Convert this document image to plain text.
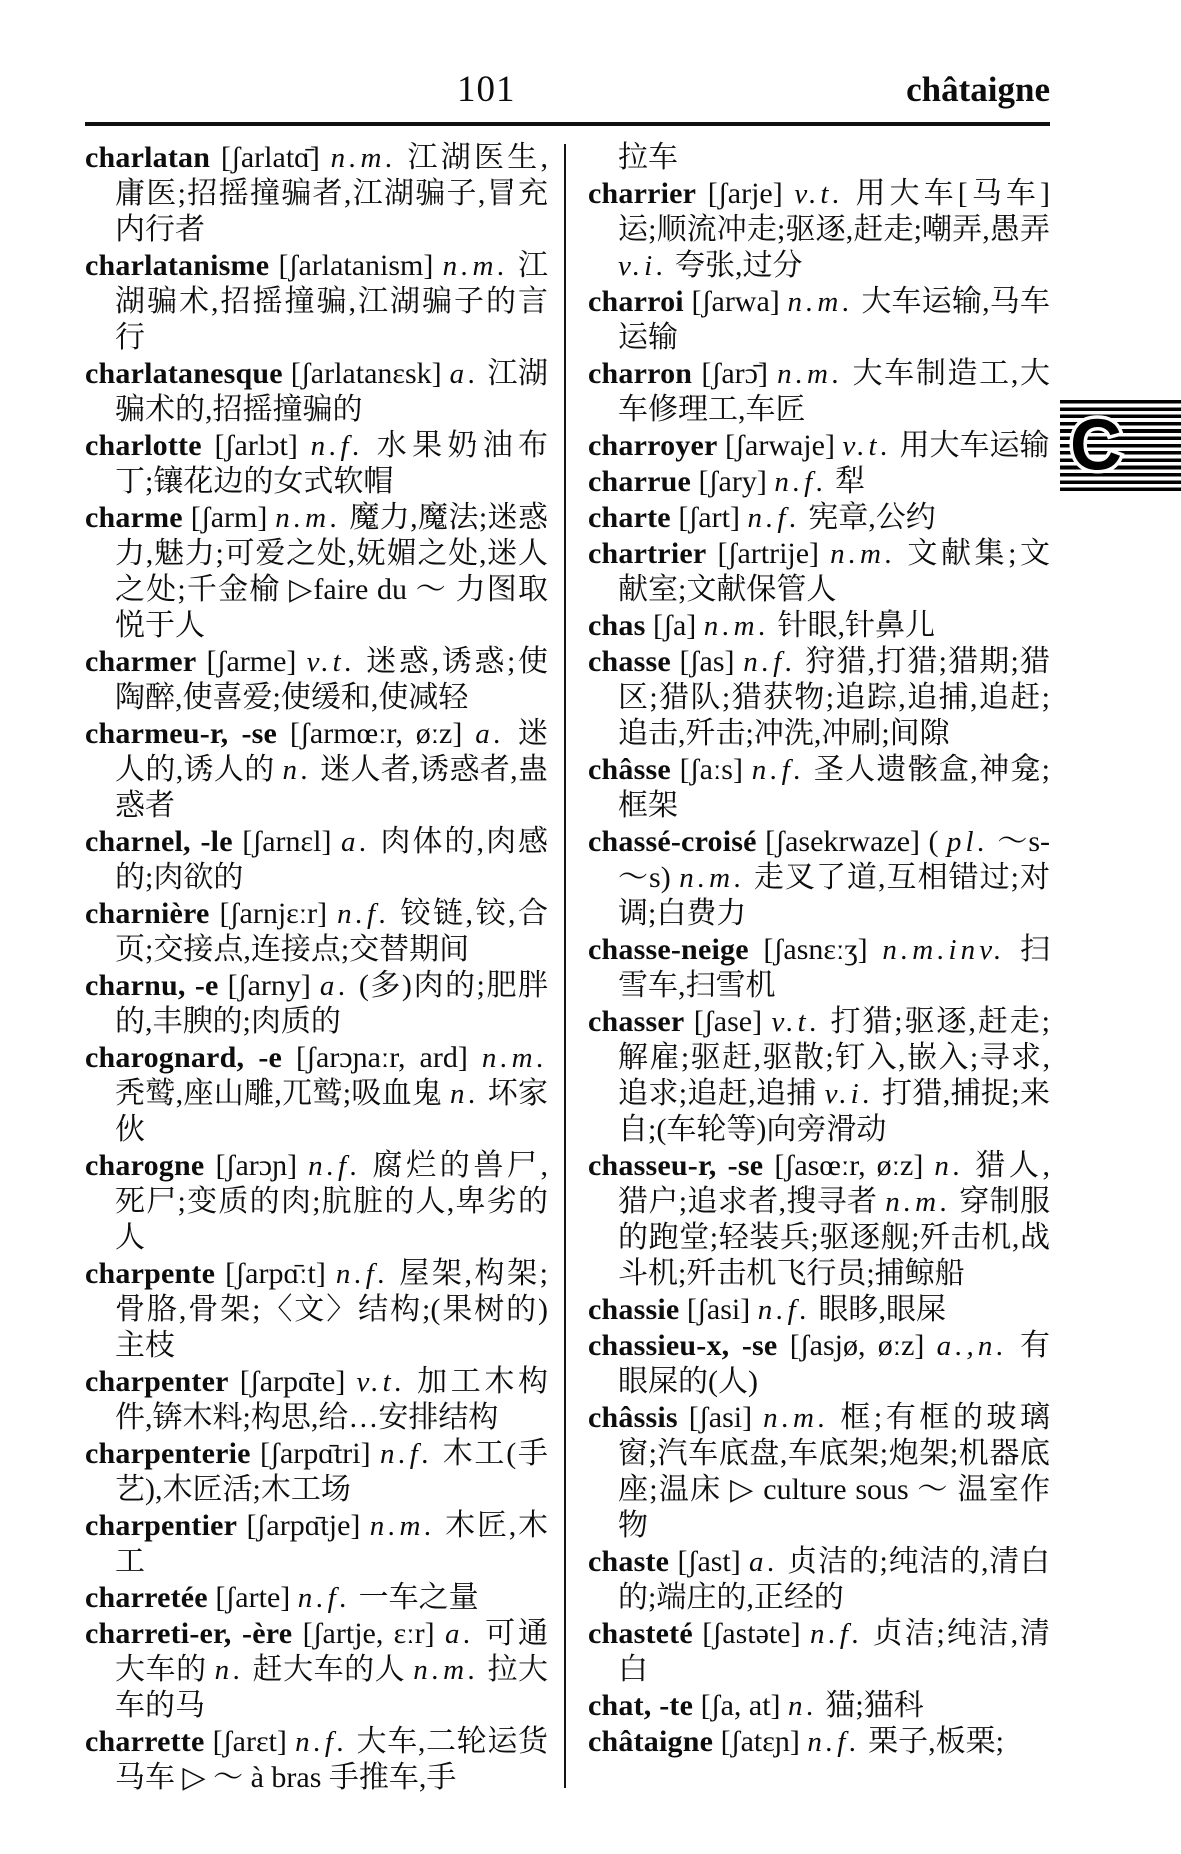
101	châtaigne

charlatan [ʃarlatɑ̄] n.m. 江湖医生,庸医;招摇撞骗者,江湖骗子,冒充内行者

charlatanisme [ʃarlatanism] n.m. 江湖骗术,招摇撞骗,江湖骗子的言行

charlatanesque [ʃarlatanɛsk] a. 江湖骗术的,招摇撞骗的

charlotte [ʃarlɔt] n.f. 水果奶油布丁;镶花边的女式软帽

charme [ʃarm] n.m. 魔力,魔法;迷惑力,魅力;可爱之处,妩媚之处,迷人之处;千金榆 ▷faire du ～ 力图取悦于人

charmer [ʃarme] v.t. 迷惑,诱惑;使陶醉,使喜爱;使缓和,使减轻

charmeu-r, -se [ʃarmœːr, øːz] a. 迷人的,诱人的 n. 迷人者,诱惑者,蛊惑者

charnel, -le [ʃarnɛl] a. 肉体的,肉感的;肉欲的

charnière [ʃarnjɛːr] n.f. 铰链,铰,合页;交接点,连接点;交替期间

charnu, -e [ʃarny] a. (多)肉的;肥胖的,丰腴的;肉质的

charognard, -e [ʃarɔɲaːr, ard] n.m. 秃鹫,座山雕,兀鹫;吸血鬼 n. 坏家伙

charogne [ʃarɔɲ] n.f. 腐烂的兽尸,死尸;变质的肉;肮脏的人,卑劣的人

charpente [ʃarpɑ̄ːt] n.f. 屋架,构架;骨胳,骨架;〈文〉结构;(果树的)主枝

charpenter [ʃarpɑ̄te] v.t. 加工木构件,锛木料;构思,给…安排结构

charpenterie [ʃarpɑ̄tri] n.f. 木工(手艺),木匠活;木工场

charpentier [ʃarpɑ̄tje] n.m. 木匠,木工

charretée [ʃarte] n.f. 一车之量

charreti-er, -ère [ʃartje, ɛːr] a. 可通大车的 n. 赶大车的人 n.m. 拉大车的马

charrette [ʃarɛt] n.f. 大车,二轮运货马车 ▷ ～ à bras 手推车,手

拉车

charrier [ʃarje] v.t. 用大车[马车]运;顺流冲走;驱逐,赶走;嘲弄,愚弄 v.i. 夸张,过分

charroi [ʃarwa] n.m. 大车运输,马车运输

charron [ʃarɔ̄] n.m. 大车制造工,大车修理工,车匠

charroyer [ʃarwaje] v.t. 用大车运输

charrue [ʃary] n.f. 犁

charte [ʃart] n.f. 宪章,公约

chartrier [ʃartrije] n.m. 文献集;文献室;文献保管人

chas [ʃa] n.m. 针眼,针鼻儿

chasse [ʃas] n.f. 狩猎,打猎;猎期;猎区;猎队;猎获物;追踪,追捕,追赶;追击,歼击;冲洗,冲刷;间隙

châsse [ʃaːs] n.f. 圣人遗骸盒,神龛;框架

chassé-croisé [ʃasekrwaze] ( pl. ～s-～s) n.m. 走叉了道,互相错过;对调;白费力

chasse-neige [ʃasnɛːʒ] n.m.inv. 扫雪车,扫雪机

chasser [ʃase] v.t. 打猎;驱逐,赶走;解雇;驱赶,驱散;钉入,嵌入;寻求,追求;追赶,追捕 v.i. 打猎,捕捉;来自;(车轮等)向旁滑动

chasseu-r, -se [ʃasœːr, øːz] n. 猎人,猎户;追求者,搜寻者 n.m. 穿制服的跑堂;轻装兵;驱逐舰;歼击机,战斗机;歼击机飞行员;捕鲸船

chassie [ʃasi] n.f. 眼眵,眼屎

chassieu-x, -se [ʃasjø, øːz] a.,n. 有眼屎的(人)

châssis [ʃasi] n.m. 框;有框的玻璃窗;汽车底盘,车底架;炮架;机器底座;温床 ▷ culture sous ～ 温室作物

chaste [ʃast] a. 贞洁的;纯洁的,清白的;端庄的,正经的

chasteté [ʃastəte] n.f. 贞洁;纯洁,清白

chat, -te [ʃa, at] n. 猫;猫科

châtaigne [ʃatɛɲ] n.f. 栗子,板栗;

C
